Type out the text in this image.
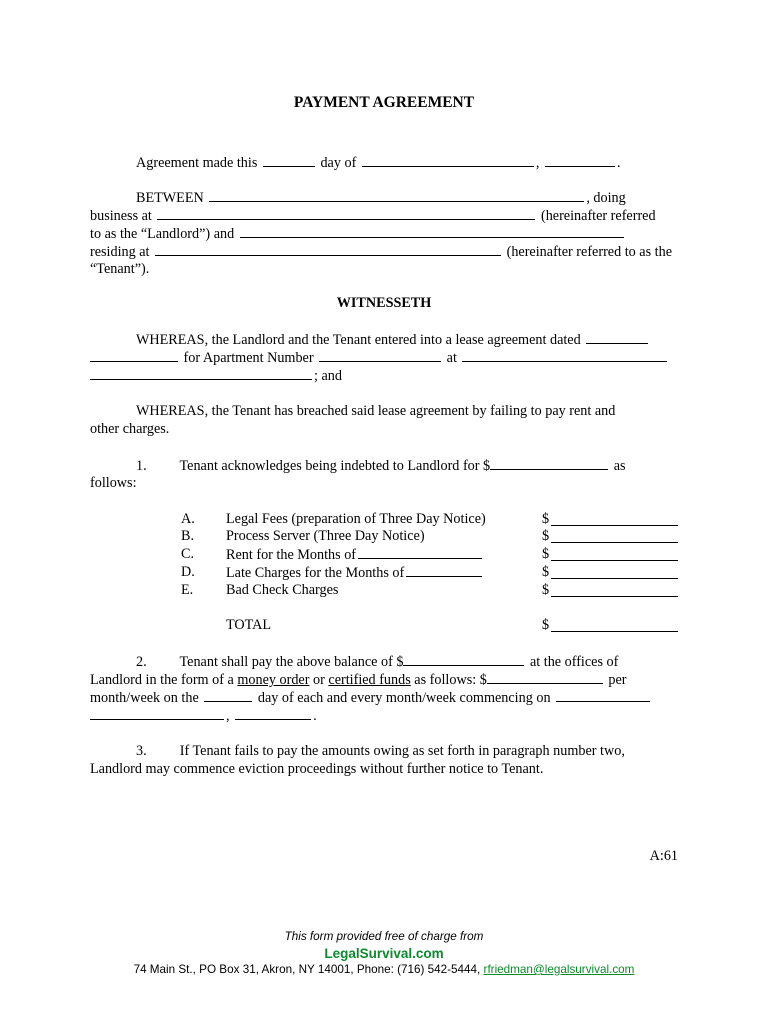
PAYMENT AGREEMENT
Agreement made this	day of	,	.
BETWEEN	, doing
business at	(hereinafter referred
to as the “Landlord”) and
residing at	(hereinafter referred to as the
“Tenant”).
WITNESSETH
WHEREAS, the Landlord and the Tenant entered into a lease agreement dated
for Apartment Number	at
; and
WHEREAS, the Tenant has breached said lease agreement by failing to pay rent and
other charges.
1. Tenant acknowledges being indebted to Landlord for $	as
follows:
A. Legal Fees (preparation of Three Day Notice)	$
B. Process Server (Three Day Notice)	$
C. Rent for the Months of	$
D. Late Charges for the Months of	$
E. Bad Check Charges	$
TOTAL	$
2. Tenant shall pay the above balance of $	at the offices of
Landlord in the form of a money order or certified funds as follows: $	per
month/week on the	day of each and every month/week commencing on
,	.
3. If Tenant fails to pay the amounts owing as set forth in paragraph number two,
Landlord may commence eviction proceedings without further notice to Tenant.
A:61
This form provided free of charge from
LegalSurvival.com
74 Main St., PO Box 31, Akron, NY 14001, Phone: (716) 542-5444, rfriedman@legalsurvival.com
